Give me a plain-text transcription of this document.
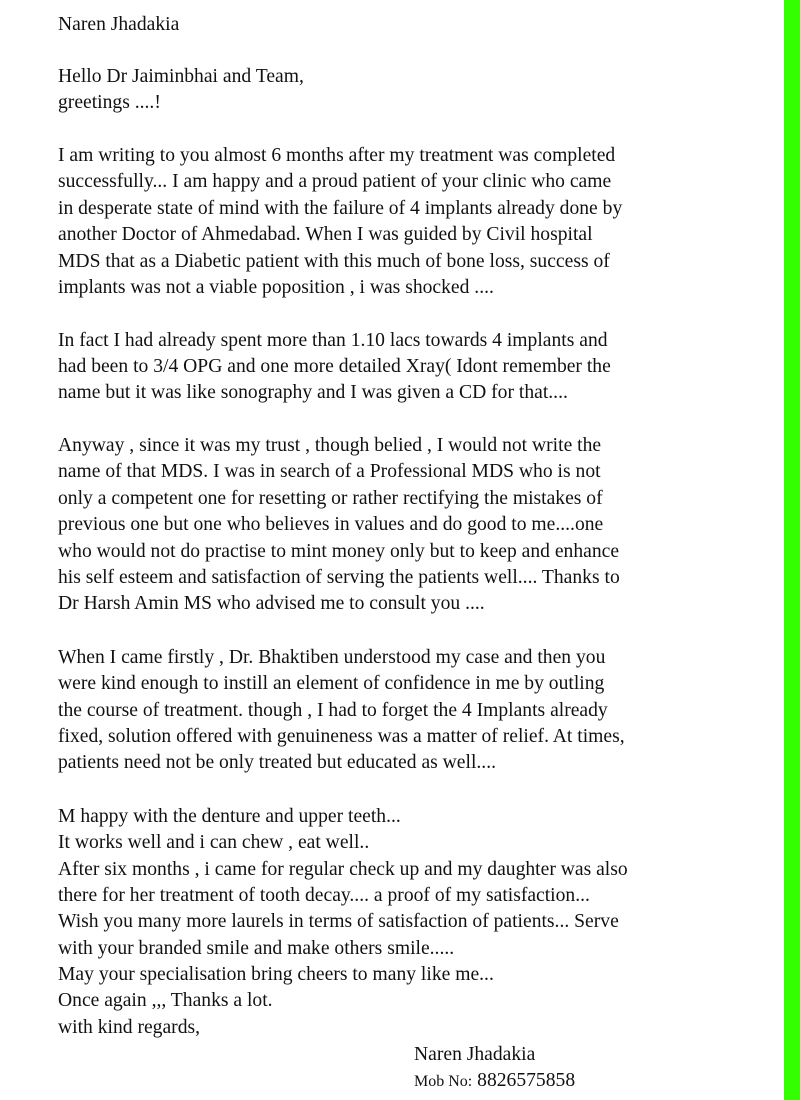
Naren Jhadakia

Hello Dr Jaiminbhai and Team,

greetings ....!

I am writing to you almost 6 months after my treatment was completed

successfully... I am happy and a proud patient of your clinic who came

in desperate state of mind with the failure of 4 implants already done by

another Doctor of Ahmedabad. When I was guided by Civil hospital

MDS that as a Diabetic patient with this much of bone loss, success of

implants was not a viable poposition , i was shocked ....

In fact I had already spent more than 1.10 lacs towards 4 implants and

had been to 3/4 OPG and one more detailed Xray( Idont remember the

name but it was like sonography and I was given a CD for that....

Anyway , since it was my trust , though belied , I would not write the

name of that MDS. I was in search of a Professional MDS who is not

only a competent one for resetting or rather rectifying the mistakes of

previous one but one who believes in values and do good to me....one

who would not do practise to mint money only but to keep and enhance

his self esteem and satisfaction of serving the patients well.... Thanks to

Dr Harsh Amin MS who advised me to consult you ....

When I came firstly , Dr. Bhaktiben understood my case and then you

were kind enough to instill an element of confidence in me by outling

the course of treatment. though , I had to forget the 4 Implants already

fixed, solution offered with genuineness was a matter of relief. At times,

patients need not be only treated but educated as well....

M happy with the denture and upper teeth...

It works well and i can chew , eat well..

After six months , i came for regular check up and my daughter was also

there for her treatment of tooth decay.... a proof of my satisfaction...

Wish you many more laurels in terms of satisfaction of patients... Serve

with your branded smile and make others smile.....

May your specialisation bring cheers to many like me...

Once again ,,, Thanks a lot.

with kind regards,

Naren Jhadakia

Mob No: 8826575858
